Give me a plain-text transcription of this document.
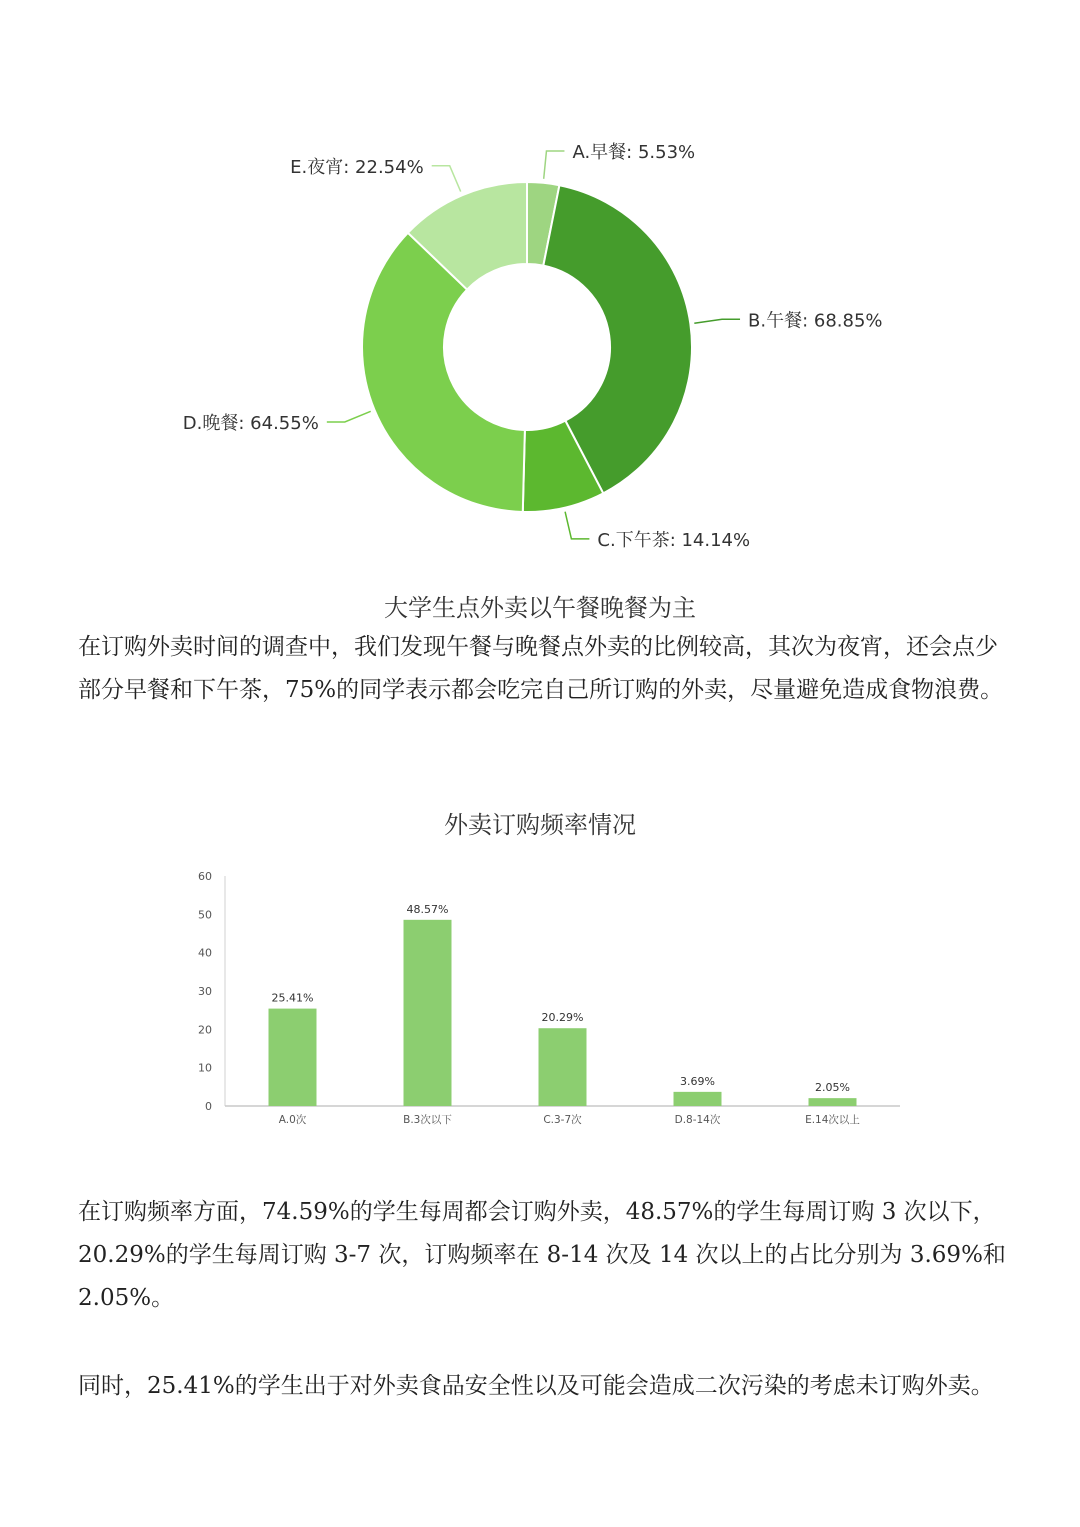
A.早餐: 5.53%
B.午餐: 68.85%
C.下午茶: 14.14%
D.晚餐: 64.55%
E.夜宵: 22.54%
大学生点外卖以午餐晚餐为主

在订购外卖时间的调查中，我们发现午餐与晚餐点外卖的比例较高，其次为夜宵，还会点少部分早餐和下午茶，75%的同学表示都会吃完自己所订购的外卖，尽量避免造成食物浪费。

外卖订购频率情况
0
10
20
30
40
50
60
25.41%
A.0次
48.57%
B.3次以下
20.29%
C.3-7次
3.69%
D.8-14次
2.05%
E.14次以上

在订购频率方面，74.59%的学生每周都会订购外卖，48.57%的学生每周订购 3 次以下，20.29%的学生每周订购 3-7 次，订购频率在 8-14 次及 14 次以上的占比分别为 3.69%和 2.05%。

同时，25.41%的学生出于对外卖食品安全性以及可能会造成二次污染的考虑未订购外卖。
